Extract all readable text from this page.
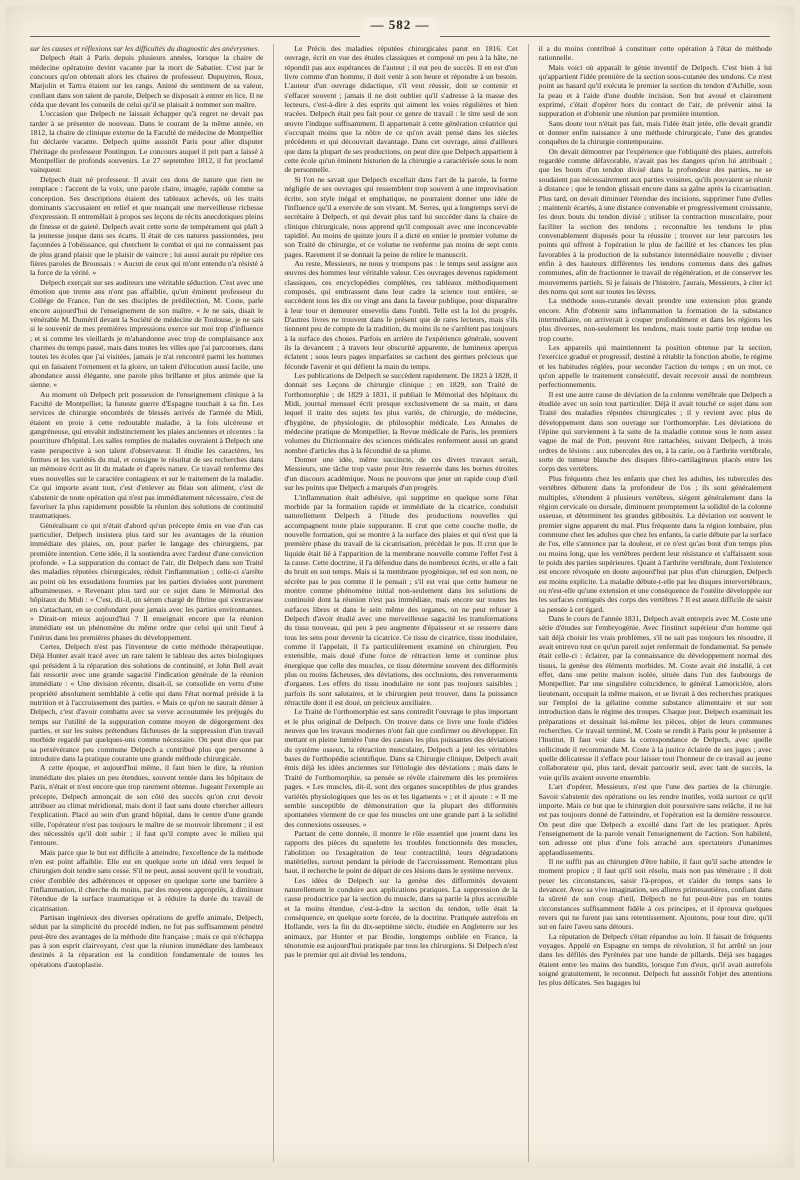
— 582 —

sur les causes et réflexions sur les difficultés du diagnostic des anévrysmes.

Delpech était à Paris depuis plusieurs années, lorsque la chaire de médecine opératoire devint vacante par la mort de Sabatier. C'est par le concours qu'on obtenait alors les chaires de professeur. Dupuytren, Roux, Marjolin et Tartra étaient sur les rangs. Animé du sentiment de sa valeur, confiant dans son talent de parole, Delpech se disposait à entrer en lice. Il ne céda que devant les conseils de celui qu'il se plaisait à nommer son maître.

L'occasion que Delpech ne laissait échapper qu'à regret ne devait pas tarder à se présenter de nouveau. Dans le courant de la même année, en 1812, la chaire de clinique externe de la Faculté de médecine de Montpellier fut déclarée vacante. Delpech quitte aussitôt Paris pour aller disputer l'héritage du professeur Poutingon. Le concours auquel il prit part a laissé à Montpellier de profonds souvenirs. Le 27 septembre 1812, il fut proclamé vainqueur.

Delpech était né professeur. Il avait ces dons de nature que rien ne remplace : l'accent de la voix, une parole claire, imagée, rapide comme sa conception. Ses descriptions étaient des tableaux achevés, où les traits dominants s'accusaient en relief et que nuançait une merveilleuse richesse d'expression. Il entremêlait à propos ses leçons de récits anecdotiques pleins de finesse et de gaieté. Delpech avait cette sorte de tempérament qui plaît à la jeunesse jusque dans ses écarts. Il était de ces natures passionnées, peu façonnées à l'obéissance, qui cherchent le combat et qui ne connaissent pas de plus grand plaisir que le plaisir de vaincre ; lui aussi aurait pu répéter ces fières paroles de Broussais : « Aucun de ceux qui m'ont entendu n'a résisté à la force de la vérité. »

Delpech exerçait sur ses auditeurs une véritable séduction. C'est avec une émotion que trente ans n'ont pas affaiblie, qu'un éminent professeur du Collége de France, l'un de ses disciples de prédilection, M. Coste, parle encore aujourd'hui de l'enseignement de son maître. « Je ne sais, disait le vénérable M. Duméril devant la Société de médecine de Toulouse, je ne sais si le souvenir de mes premières impressions exerce sur moi trop d'influence ; et si comme les vieillards je m'abandonne avec trop de complaisance aux charmes du temps passé, mais dans toutes les villes que j'ai parcourues, dans toutes les écoles que j'ai visitées, jamais je n'ai rencontré parmi les hommes qui en faisaient l'ornement et la gloire, un talent d'élocution aussi facile, une abondance aussi élégante, une parole plus brillante et plus animée que la sienne. »

Au moment où Delpech prit possession de l'enseignement clinique à la Faculté de Montpellier, la funeste guerre d'Espagne touchait à sa fin. Les services de chirurgie encombrés de blessés arrivés de l'armée du Midi, étaient en proie à cette redoutable maladie, à la fois ulcéreuse et gangréneuse, qui envahit indistinctement les plaies anciennes et récentes : la pourriture d'hôpital. Les salles remplies de malades ouvraient à Delpech une vaste perspective à son talent d'observateur. Il étudie les caractères, les formes et les variétés du mal, et consigne le résultat de ses recherches dans un mémoire écrit au lit du malade et d'après nature. Ce travail renferme des vues nouvelles sur le caractère contagieux et sur le traitement de la maladie. Ce qui importe avant tout, c'est d'enlever au fléau son aliment, c'est de s'abstenir de toute opération qui n'est pas immédiatement nécessaire, c'est de favoriser la plus rapidement possible la réunion des solutions de continuité traumatiques.

Généralisant ce qui n'était d'abord qu'un précepte émis en vue d'un cas particulier, Delpech insistera plus tard sur les avantages de la réunion immédiate des plaies, on, pour parler le langage des chirurgiens, par première intention. Cette idée, il la soutiendra avec l'ardeur d'une conviction profonde. « La suppuration du contact de l'air, dit Delpech dans son Traité des maladies réputées chirurgicales, réduit l'inflammation ; celle-ci s'arrête au point où les exsudations fournies par les parties divisées sont purement albumineuses. » Revenant plus tard sur ce sujet dans le Mémorial des hôpitaux du Midi : « C'est, dit-il, un sérum chargé de fibrine qui s'extravase en s'attachant, en se confondant pour jamais avec les parties environnantes. » Dirait-on mieux aujourd'hui ? Il enseignait encore que la réunion immédiate est un phénomène du même ordre que celui qui unit l'œuf à l'utérus dans les premières phases du développement.

Certes, Delpech n'est pas l'inventeur de cette méthode thérapeutique. Déjà Hunter avait tracé avec un rare talent le tableau des actes biologiques qui président à la réparation des solutions de continuité, et John Bell avait fait ressortir avec une grande sagacité l'indication générale de la réunion immédiate : « Une division récente, disait-il, se consolide en vertu d'une propriété absolument semblable à celle qui dans l'état normal préside à la nutrition et à l'accroissement des parties. » Mais ce qu'on ne saurait dénier à Delpech, c'est d'avoir combattu avec sa verve accoutumée les préjugés du temps sur l'utilité de la suppuration comme moyen de dégorgement des parties, et sur les suites prétendues fâcheuses de la suppression d'un travail morbide regardé par quelques-uns comme nécessaire. On peut dire que par sa persévérance peu commune Delpech a contribué plus que personne à introduire dans la pratique courante une grande méthode chirurgicale.

A cette époque, et aujourd'hui même, il faut bien le dire, la réunion immédiate des plaies un peu étendues, souvent tentée dans les hôpitaux de Paris, n'était et n'est encore que trop rarement obtenue. Jugeant l'exemple au précepte, Delpech annonçait de son côté des succès qu'on crut devoir attribuer au climat méridional, mais dont il faut sans doute chercher ailleurs l'explication. Placé au sein d'un grand hôpital, dans le centre d'une grande ville, l'opérateur n'est pas toujours le maître de se mouvoir librement ; il est des nécessités qu'il doit subir ; il faut qu'il compte avec le milieu qui l'entoure.

Mais parce que le but est difficile à atteindre, l'excellence de la méthode n'en est point affaiblie. Elle est en quelque sorte un idéal vers lequel le chirurgien doit tendre sans cesse. S'il ne peut, aussi souvent qu'il le voudrait, créer d'emblée des adhérences et opposer en quelque sorte une barrière à l'inflammation, il cherche du moins, par des moyens appropriés, à diminuer l'étendue de la surface traumatique et à réduire la durée du travail de cicatrisation.

Partisan ingénieux des diverses opérations de greffe animale, Delpech, séduit par la simplicité du procédé indien, ne fut pas suffisamment pénétré peut-être des avantages de la méthode dite française ; mais ce qui n'échappa pas à son esprit clairvoyant, c'est que la réunion immédiate des lambeaux destinés à la réparation est la condition fondamentale de toutes les opérations d'autoplastie.

Le Précis des maladies réputées chirurgicales parut en 1816. Cet ouvrage, écrit en vue des études classiques et composé un peu à la hâte, ne répondit pas aux espérances de l'auteur ; il eut peu de succès. Il en est d'un livre comme d'un homme, il doit venir à son heure et répondre à un besoin. L'auteur d'un ouvrage didactique, s'il veut réussir, doit se contenir et s'effacer souvent ; jamais il ne doit oublier qu'il s'adresse à la masse des lecteurs, c'est-à-dire à des esprits qui aiment les voies régulières et bien tracées. Delpech était peu fait pour ce genre de travail : le titre seul de son œuvre l'indique suffisamment. Il appartenait à cette génération créatrice qui s'occupait moins que la nôtre de ce qu'on avait pensé dans les siècles précédents et qui découvrait davantage. Dans cet ouvrage, ainsi d'ailleurs que dans la plupart de ses productions, on peut dire que Delpech appartient à cette école qu'un éminent historien de la chirurgie a caractérisée sous le nom de personnelle.

Si l'on ne savait que Delpech excellait dans l'art de la parole, la forme négligée de ses ouvrages qui ressemblent trop souvent à une improvisation écrite, son style inégal et emphatique, ne pourraient donner une idée de l'influence qu'il a exercée de son vivant. M. Serres, qui a longtemps servi de secrétaire à Delpech, et qui devait plus tard lui succéder dans la chaire de clinique chirurgicale, nous apprend qu'il composait avec une inconcevable rapidité. Au moins de quinze jours il a dicté en entier le premier volume de son Traité de chirurgie, et ce volume ne renferme pas moins de sept cents pages. Rarement il se donnait la peine de relire le manuscrit.

Au reste, Messieurs, ne nous y trompons pas : le temps seul assigne aux œuvres des hommes leur véritable valeur. Ces ouvrages devenus rapidement classiques, ces encyclopédies complètes, ces tableaux méthodiquement composés, qui embrassent dans leur cadre la science tout entière, se succèdent tous les dix ou vingt ans dans la faveur publique, pour disparaître à leur tour et demeurer ensevelis dans l'oubli. Telle est la loi du progrès. D'autres livres ne trouvent dans le présent que de rares lecteurs, mais s'ils tiennent peu de compte de la tradition, du moins ils ne s'arrêtent pas toujours à la surface des choses. Parfois en arrière de l'expérience générale, souvent ils la devancent ; à travers leur obscurité apparente, de lumineux aperçus éclatent ; sous leurs pages imparfaites se cachent des germes précieux que féconde l'avenir et qui défient la main du temps.

Les publications de Delpech se succèdent rapidement. De 1823 à 1828, il donnait ses Leçons de chirurgie clinique ; en 1829, son Traité de l'orthomorphie ; de 1829 à 1831, il publiait le Mémorial des hôpitaux du Midi, journal mensuel écrit presque exclusivement de sa main, et dans lequel il traite des sujets les plus variés, de chirurgie, de médecine, d'hygiène, de physiologie, de philosophie médicale. Les Annales de médecine pratique de Montpellier, la Revue médicale de Paris, les premiers volumes du Dictionnaire des sciences médicales renferment aussi un grand nombre d'articles dus à la fécondité de sa plume.

Donner une idée, même succincte, de ces divers travaux serait, Messieurs, une tâche trop vaste pour être resserrée dans les bornes étroites d'un discours académique. Nous ne pouvons que jeter un rapide coup d'œil sur les points que Delpech a marqués d'un progrès.

L'inflammation était adhésive, qui supprime en quelque sorte l'état morbide par la formation rapide et immédiate de la cicatrice, conduisit naturellement Delpech à l'étude des productions nouvelles qui accompagnent toute plaie suppurante. Il crut que cette couche molle, de nouvelle formation, qui se montre à la surface des plaies et qui n'est que la première phase du travail de la cicatrisation, précédait le pus. Il crut que le liquide était lié à l'apparition de la membrane nouvelle comme l'effet l'est à la cause. Cette doctrine, il l'a défendue dans de nombreux écrits, et elle a fait du bruit en son temps. Mais si la membrane pyogénique, tel est son nom, ne sécrète pas le pus comme il le pensait ; s'il est vrai que cette humeur ne montre comme phénomène initial non-seulement dans les solutions de continuité dont la réunion n'est pas immédiate, mais encore sur toutes les surfaces libres et dans le sein même des organes, on ne peut refuser à Delpech d'avoir étudié avec une merveilleuse sagacité les transformations du tissu nouveau, qui peu à peu augmente d'épaisseur et se resserre dans tous les sens pour devenir la cicatrice. Ce tissu de cicatrice, tissu inodulaire, comme il l'appelait, il l'a particulièrement examiné en chirurgien. Peu extensible, mais doué d'une force de rétraction lente et continue plus énergique que celle des muscles, ce tissu détermine souvent des difformités plus ou moins fâcheuses, des déviations, des occlusions, des renversements d'organes. Les effets du tissu inodulaire ne sont pas toujours saisibles ; parfois ils sont salutaires, et le chirurgien peut trouver, dans la puissance rétractile dont il est doué, un précieux auxiliaire.

Le Traité de l'orthomorphie est sans contredit l'ouvrage le plus important et le plus original de Delpech. On trouve dans ce livre une foule d'idées neuves que les travaux modernes n'ont fait que confirmer ou développer. En mettant en pleine lumière l'une des causes les plus puissantes des déviations du système osseux, la rétraction musculaire, Delpech a jeté les véritables bases de l'orthopédie scientifique. Dans sa Chirurgie clinique, Delpech avait émis déjà les idées anciennes sur l'étiologie des déviations ; mais dans le Traité de l'orthomorphie, sa pensée se révèle clairement dès les premières pages. « Les muscles, dit-il, sont des organes susceptibles de plus grandes variétés physiologiques que les os et les ligaments » ; et il ajoute : « Il me semble susceptible de démonstration que la plupart des difformités spontanées viennent de ce que les muscles ont une grande part à la solidité des connexions osseuses. »

Partant de cette donnée, il montre le rôle essentiel que jouent dans les rapports des pièces du squelette les troubles fonctionnels des muscles, l'abolition ou l'exagération de leur contractilité, leurs dégradations matérielles, surtout pendant la période de l'accroissement. Remontant plus haut, il recherche le point de départ de ces lésions dans le système nerveux.

Les idées de Delpech sur la genèse des difformités devaient naturellement le conduire aux applications pratiques. La suppression de la cause productrice par la section du muscle, dans sa partie la plus accessible et la moins étendue, c'est-à-dire la section du tendon, telle était la conséquence, en quelque sorte forcée, de la doctrine. Pratiquée autrefois en Hollande, vers la fin du dix-septième siècle, étudiée en Angleterre sur les animaux, par Hunter et par Brodie, longtemps oubliée en France, la ténotomie est aujourd'hui pratiquée par tous les chirurgiens. Si Delpech n'est pas le premier qui ait divisé les tendons,

il a du moins contribué à constituer cette opération à l'état de méthode rationnelle.

Mais voici où apparaît le génie inventif de Delpech. C'est bien à lui qu'appartient l'idée première de la section sous-cutanée des tendons. Ce n'est point au hasard qu'il exécuta le premier la section du tendon d'Achille, sous la peau et à l'aide d'une double incision. Son but avoué et clairement exprimé, c'était d'opérer hors du contact de l'air, de prévenir ainsi la suppuration et d'obtenir une réunion par première intention.

Sans doute tout n'était pas fait, mais l'idée était jetée, elle devait grandir et donner enfin naissance à une méthode chirurgicale, l'une des grandes conquêtes de la chirurgie contemporaine.

On devait démontrer par l'expérience que l'obliquité des plaies, autrefois regardée comme défavorable, n'avait pas les dangers qu'on lui attribuait ; que les bouts d'un tendon divisé dans la profondeur des parties, ne se soudaient pas nécessairement aux parties voisines, qu'ils pouvaient se réunir à distance ; que le tendon glissait encore dans sa gaîne après la cicatrisation. Plus tard, on devait diminuer l'étendue des incisions, supprimer l'une d'elles ; maintenir écartés, à une distance convenable et progressivement croissante, les deux bouts du tendon divisé ; utiliser la contraction musculaire, pour faciliter la section des tendons ; reconnaître les tendons le plus convenablement disposés pour la réussite ; trouver sur leur parcours les points qui offrent à l'opération le plus de facilité et les chances les plus favorables à la production de la substance intermédiaire nouvelle ; diviser enfin à des hauteurs différentes les tendons contenus dans des gaînes communes, afin de fractionner le travail de régénération, et de conserver les mouvements partiels. Si je faisais de l'histoire, j'aurais, Messieurs, à citer ici des noms qui sont sur toutes les lèvres.

La méthode sous-cutanée devait prendre une extension plus grande encore. Afin d'obtenir sans inflammation la formation de la substance intermédiaire, on arriverait à couper profondément et dans les régions les plus diverses, non-seulement les tendons, mais toute partie trop tendue ou trop courte.

Les appareils qui maintiennent la position obtenue par la section, l'exercice gradué et progressif, destiné à rétablir la fonction abolie, le régime et les habitudes réglées, pour seconder l'action du temps ; en un mot, ce qu'on appelle le traitement consécutif, devait recevoir aussi de nombreux perfectionnements.

Il est une autre cause de déviation de la colonne vertébrale que Delpech a étudiée avec un soin tout particulier. Déjà il avait touché ce sujet dans son Traité des maladies réputées chirurgicales ; il y revient avec plus de développement dans son ouvrage sur l'orthomorphie. Les déviations de l'épine qui surviennent à la suite de la maladie connue sous le nom assez vague de mal de Pott, peuvent être rattachées, suivant Delpech, à trois ordres de lésions : aux tubercules des os, à la carie, ou à l'arthrite vertébrale, sorte de tumeur blanche des disques fibro-cartilagineux placés entre les corps des vertèbres.

Plus fréquents chez les enfants que chez les adultes, les tubercules des vertèbres débutent dans la profondeur de l'os ; ils sont généralement multiples, s'étendent à plusieurs vertèbres, siégent généralement dans la région cervicale ou dorsale, diminuent promptement la solidité de la colonne osseuse, et déterminent les grandes gibbosités. La déviation est souvent le premier signe apparent du mal. Plus fréquente dans la région lombaire, plus commune chez les adultes que chez les enfants, la carie débute par la surface de l'os, elle s'annonce par la douleur, et ce n'est qu'au bout d'un temps plus ou moins long, que les vertèbres perdent leur résistance et s'affaissent sous le poids des parties supérieures. Quant à l'arthrite vertébrale, dont l'existence est encore révoquée en doute aujourd'hui par plus d'un chirurgien, Delpech est moins explicite. La maladie débute-t-elle par les disques intervertébraux, ou n'est-elle qu'une extension et une conséquence de l'ostéite développée sur les surfaces contiguës des corps des vertèbres ? Il est assez difficile de saisir sa pensée à cet égard.

Dans le cours de l'année 1831, Delpech avait entrepris avec M. Coste une série d'études sur l'embryogénie. Avec l'instinct supérieur d'un homme qui sait déjà choisir les vrais problèmes, s'il ne sait pas toujours les résoudre, il avait entrevu tout ce qu'un pareil sujet renfermait de fondamental. Sa pensée était celle-ci : éclairer, par la connaissance du développement normal des tissus, la genèse des éléments morbides. M. Coste avait été installé, à cet effet, dans une petite maison isolée, située dans l'un des faubourgs de Montpellier. Par une singulière coïncidence, le général Lamoricière, alors lieutenant, occupait la même maison, et se livrait à des recherches pratiques sur l'emploi de la gélatine comme substance alimentaire et sur son introduction dans le régime des troupes. Chaque jour, Delpech examinait les préparations et dessinait lui-même les pièces, objet de leurs communes recherches. Ce travail terminé, M. Coste se rendit à Paris pour le présenter à l'Institut. Il faut voir dans la correspondance de Delpech, avec quelle sollicitude il recommande M. Coste à la justice éclairée de ses juges ; avec quelle délicatesse il s'efface pour laisser tout l'honneur de ce travail au jeune collaborateur qui, plus tard, devait parcourir seul, avec tant de succès, la voie qu'ils avaient ouverte ensemble.

L'art d'opérer, Messieurs, n'est que l'une des parties de la chirurgie. Savoir s'abstenir des opérations ou les rendre inutiles, voilà surtout ce qu'il importe. Mais ce but que le chirurgien doit poursuivre sans relâche, il ne lui est pas toujours donné de l'atteindre, et l'opération est la dernière ressource. On peut dire que Delpech a excellé dans l'art de les pratiquer. Après l'enseignement de la parole venait l'enseignement de l'action. Son habileté, son adresse ont plus d'une fois arraché aux spectateurs d'unanimes applaudissements.

Il ne suffit pas au chirurgien d'être habile, il faut qu'il sache attendre le moment propice ; il faut qu'il soit résolu, mais non pas téméraire ; il doit peser les circonstances, saisir l'à-propos, et s'aider du temps sans le devancer. Avec sa vive imagination, ses allures primesautières, confiant dans la sûreté de son coup d'œil, Delpech ne fut peut-être pas en toutes circonstances suffisamment fidèle à ces principes, et il éprouva quelques revers qui ne furent pas sans retentissement. Ajoutons, pour tout dire, qu'il sut en faire l'aveu sans détours.

La réputation de Delpech s'était répandue au loin. Il faisait de fréquents voyages. Appelé en Espagne en temps de révolution, il fut arrêté un jour dans les défilés des Pyrénées par une bande de pillards. Déjà ses bagages étaient entre les mains des bandits, lorsque l'un d'eux, qu'il avait autrefois soigné gratuitement, le reconnut. Delpech fut aussitôt l'objet des attentions les plus délicates. Ses bagages lui
